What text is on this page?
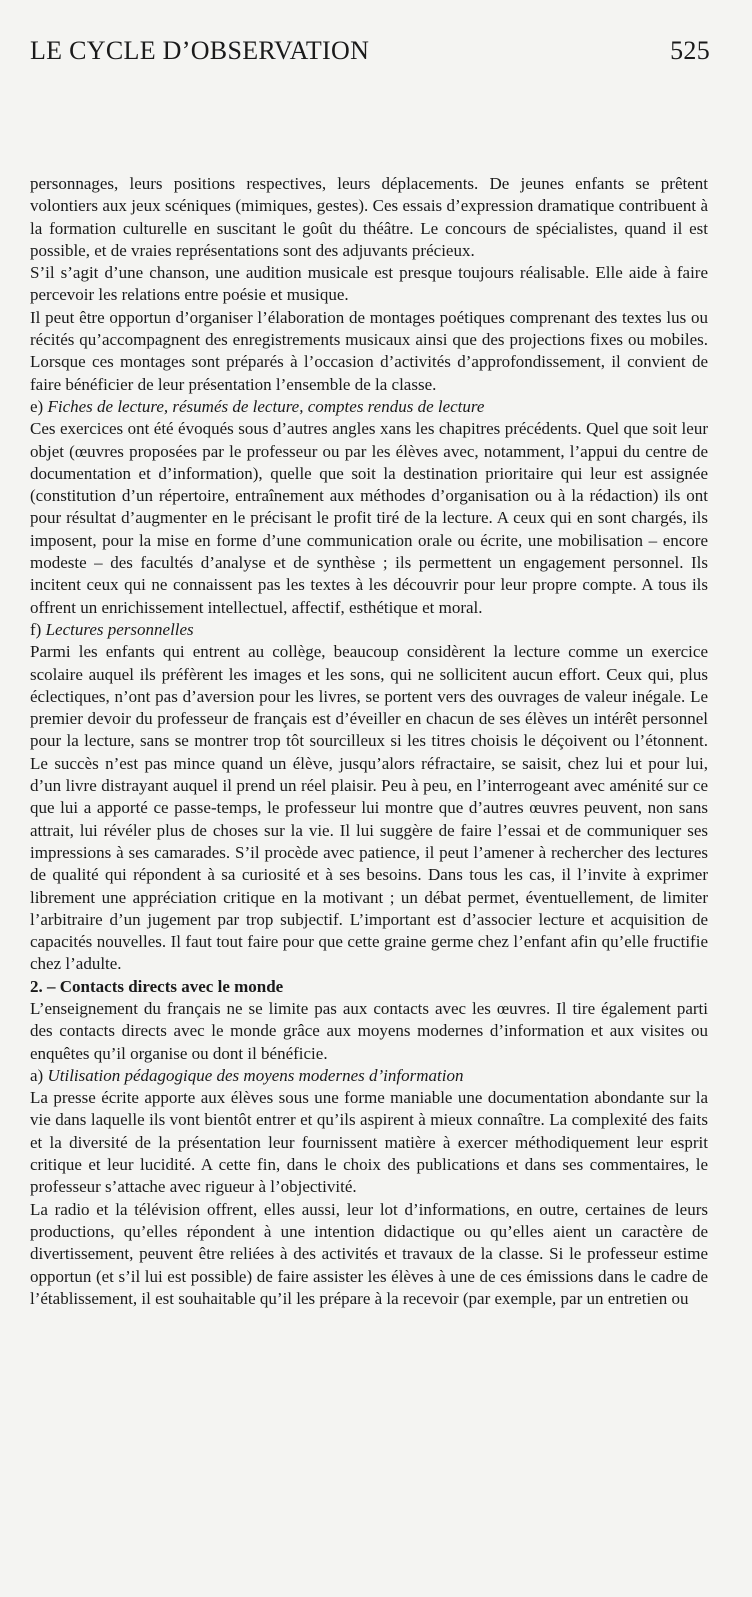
LE CYCLE D’OBSERVATION	525

personnages, leurs positions respectives, leurs déplacements. De jeunes enfants se prêtent volontiers aux jeux scéniques (mimiques, gestes). Ces essais d’expression dramatique contribuent à la formation culturelle en suscitant le goût du théâtre. Le concours de spécialistes, quand il est possible, et de vraies représentations sont des adjuvants précieux.

S’il s’agit d’une chanson, une audition musicale est presque toujours réalisable. Elle aide à faire percevoir les relations entre poésie et musique.

Il peut être opportun d’organiser l’élaboration de montages poétiques comprenant des textes lus ou récités qu’accompagnent des enregistrements musicaux ainsi que des projections fixes ou mobiles. Lorsque ces montages sont préparés à l’occasion d’activités d’approfondissement, il convient de faire bénéficier de leur présentation l’ensemble de la classe.

e) Fiches de lecture, résumés de lecture, comptes rendus de lecture

Ces exercices ont été évoqués sous d’autres angles xans les chapitres précédents. Quel que soit leur objet (œuvres proposées par le professeur ou par les élèves avec, notamment, l’appui du centre de documentation et d’information), quelle que soit la destination prioritaire qui leur est assignée (constitution d’un répertoire, entraînement aux méthodes d’organisation ou à la rédaction) ils ont pour résultat d’augmenter en le précisant le profit tiré de la lecture. A ceux qui en sont chargés, ils imposent, pour la mise en forme d’une communication orale ou écrite, une mobilisation – encore modeste – des facultés d’analyse et de synthèse ; ils permettent un engagement personnel. Ils incitent ceux qui ne connaissent pas les textes à les découvrir pour leur propre compte. A tous ils offrent un enrichissement intellectuel, affectif, esthétique et moral.

f) Lectures personnelles

Parmi les enfants qui entrent au collège, beaucoup considèrent la lecture comme un exercice scolaire auquel ils préfèrent les images et les sons, qui ne sollicitent aucun effort. Ceux qui, plus éclectiques, n’ont pas d’aversion pour les livres, se portent vers des ouvrages de valeur inégale. Le premier devoir du professeur de français est d’éveiller en chacun de ses élèves un intérêt personnel pour la lecture, sans se montrer trop tôt sourcilleux si les titres choisis le déçoivent ou l’étonnent. Le succès n’est pas mince quand un élève, jusqu’alors réfractaire, se saisit, chez lui et pour lui, d’un livre distrayant auquel il prend un réel plaisir. Peu à peu, en l’interrogeant avec aménité sur ce que lui a apporté ce passe-temps, le professeur lui montre que d’autres œuvres peuvent, non sans attrait, lui révéler plus de choses sur la vie. Il lui suggère de faire l’essai et de communiquer ses impressions à ses camarades. S’il procède avec patience, il peut l’amener à rechercher des lectures de qualité qui répondent à sa curiosité et à ses besoins. Dans tous les cas, il l’invite à exprimer librement une appréciation critique en la motivant ; un débat permet, éventuellement, de limiter l’arbitraire d’un jugement par trop subjectif. L’important est d’associer lecture et acquisition de capacités nouvelles. Il faut tout faire pour que cette graine germe chez l’enfant afin qu’elle fructifie chez l’adulte.

2. – Contacts directs avec le monde

L’enseignement du français ne se limite pas aux contacts avec les œuvres. Il tire également parti des contacts directs avec le monde grâce aux moyens modernes d’information et aux visites ou enquêtes qu’il organise ou dont il bénéficie.

a) Utilisation pédagogique des moyens modernes d’information

La presse écrite apporte aux élèves sous une forme maniable une documentation abondante sur la vie dans laquelle ils vont bientôt entrer et qu’ils aspirent à mieux connaître. La complexité des faits et la diversité de la présentation leur fournissent matière à exercer méthodiquement leur esprit critique et leur lucidité. A cette fin, dans le choix des publications et dans ses commentaires, le professeur s’attache avec rigueur à l’objectivité.

La radio et la télévision offrent, elles aussi, leur lot d’informations, en outre, certaines de leurs productions, qu’elles répondent à une intention didactique ou qu’elles aient un caractère de divertissement, peuvent être reliées à des activités et travaux de la classe. Si le professeur estime opportun (et s’il lui est possible) de faire assister les élèves à une de ces émissions dans le cadre de l’établissement, il est souhaitable qu’il les prépare à la recevoir (par exemple, par un entretien ou
